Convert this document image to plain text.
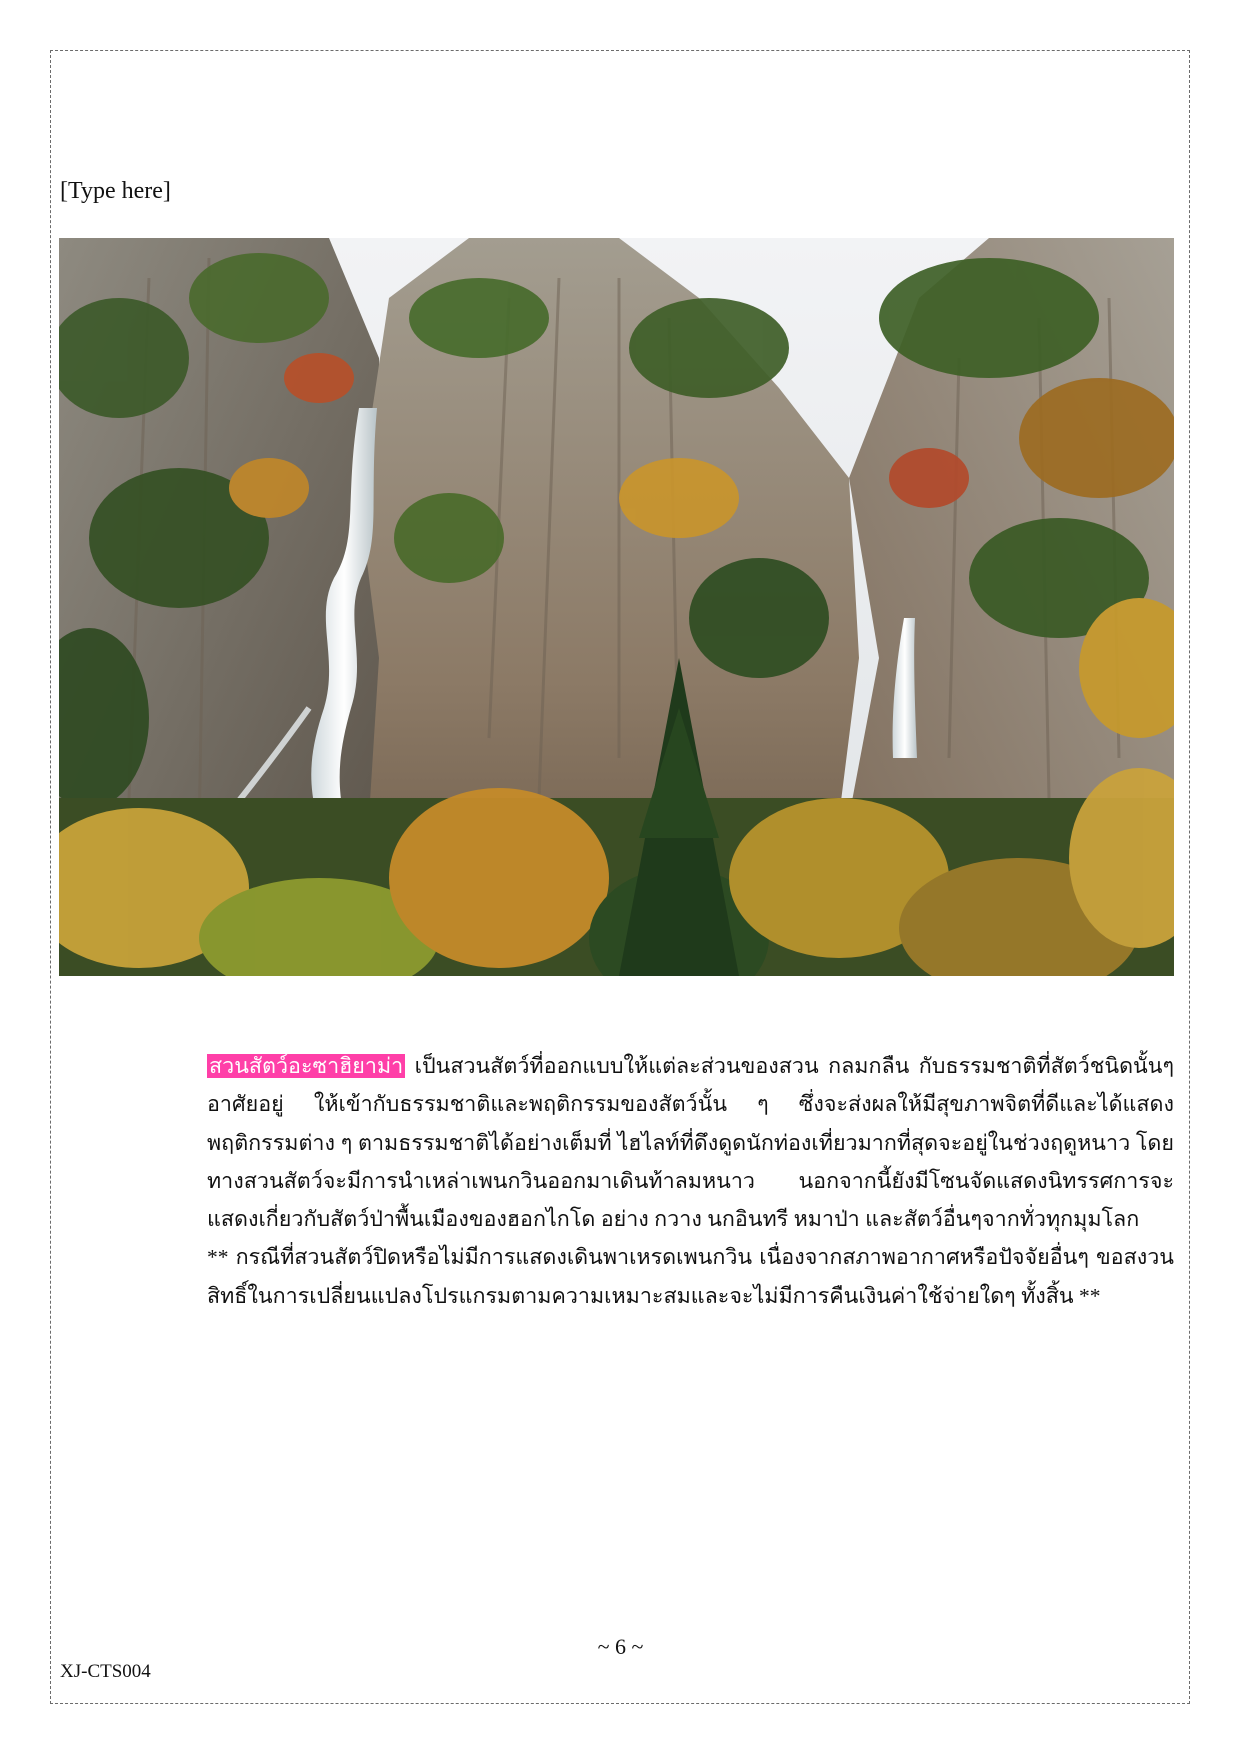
[Type here]

สวนสัตว์อะซาฮิยาม่า เป็นสวนสัตว์ที่ออกแบบให้แต่ละส่วนของสวน กลมกลืน กับธรรมชาติที่สัตว์ชนิดนั้นๆ อาศัยอยู่ ให้เข้ากับธรรมชาติและพฤติกรรมของสัตว์นั้น ๆ ซึ่งจะส่งผลให้มีสุขภาพจิตที่ดีและได้แสดงพฤติกรรมต่าง ๆ ตามธรรมชาติได้อย่างเต็มที่ ไฮไลท์ที่ดึงดูดนักท่องเที่ยวมากที่สุดจะอยู่ในช่วงฤดูหนาว โดยทางสวนสัตว์จะมีการนำเหล่าเพนกวินออกมาเดินท้าลมหนาว นอกจากนี้ยังมีโซนจัดแสดงนิทรรศการจะแสดงเกี่ยวกับสัตว์ป่าพื้นเมืองของฮอกไกโด อย่าง กวาง นกอินทรี หมาป่า และสัตว์อื่นๆจากทั่วทุกมุมโลก

** กรณีที่สวนสัตว์ปิดหรือไม่มีการแสดงเดินพาเหรดเพนกวิน เนื่องจากสภาพอากาศหรือปัจจัยอื่นๆ ขอสงวนสิทธิ์ในการเปลี่ยนแปลงโปรแกรมตามความเหมาะสมและจะไม่มีการคืนเงินค่าใช้จ่ายใดๆ ทั้งสิ้น **

~ 6 ~
XJ-CTS004
